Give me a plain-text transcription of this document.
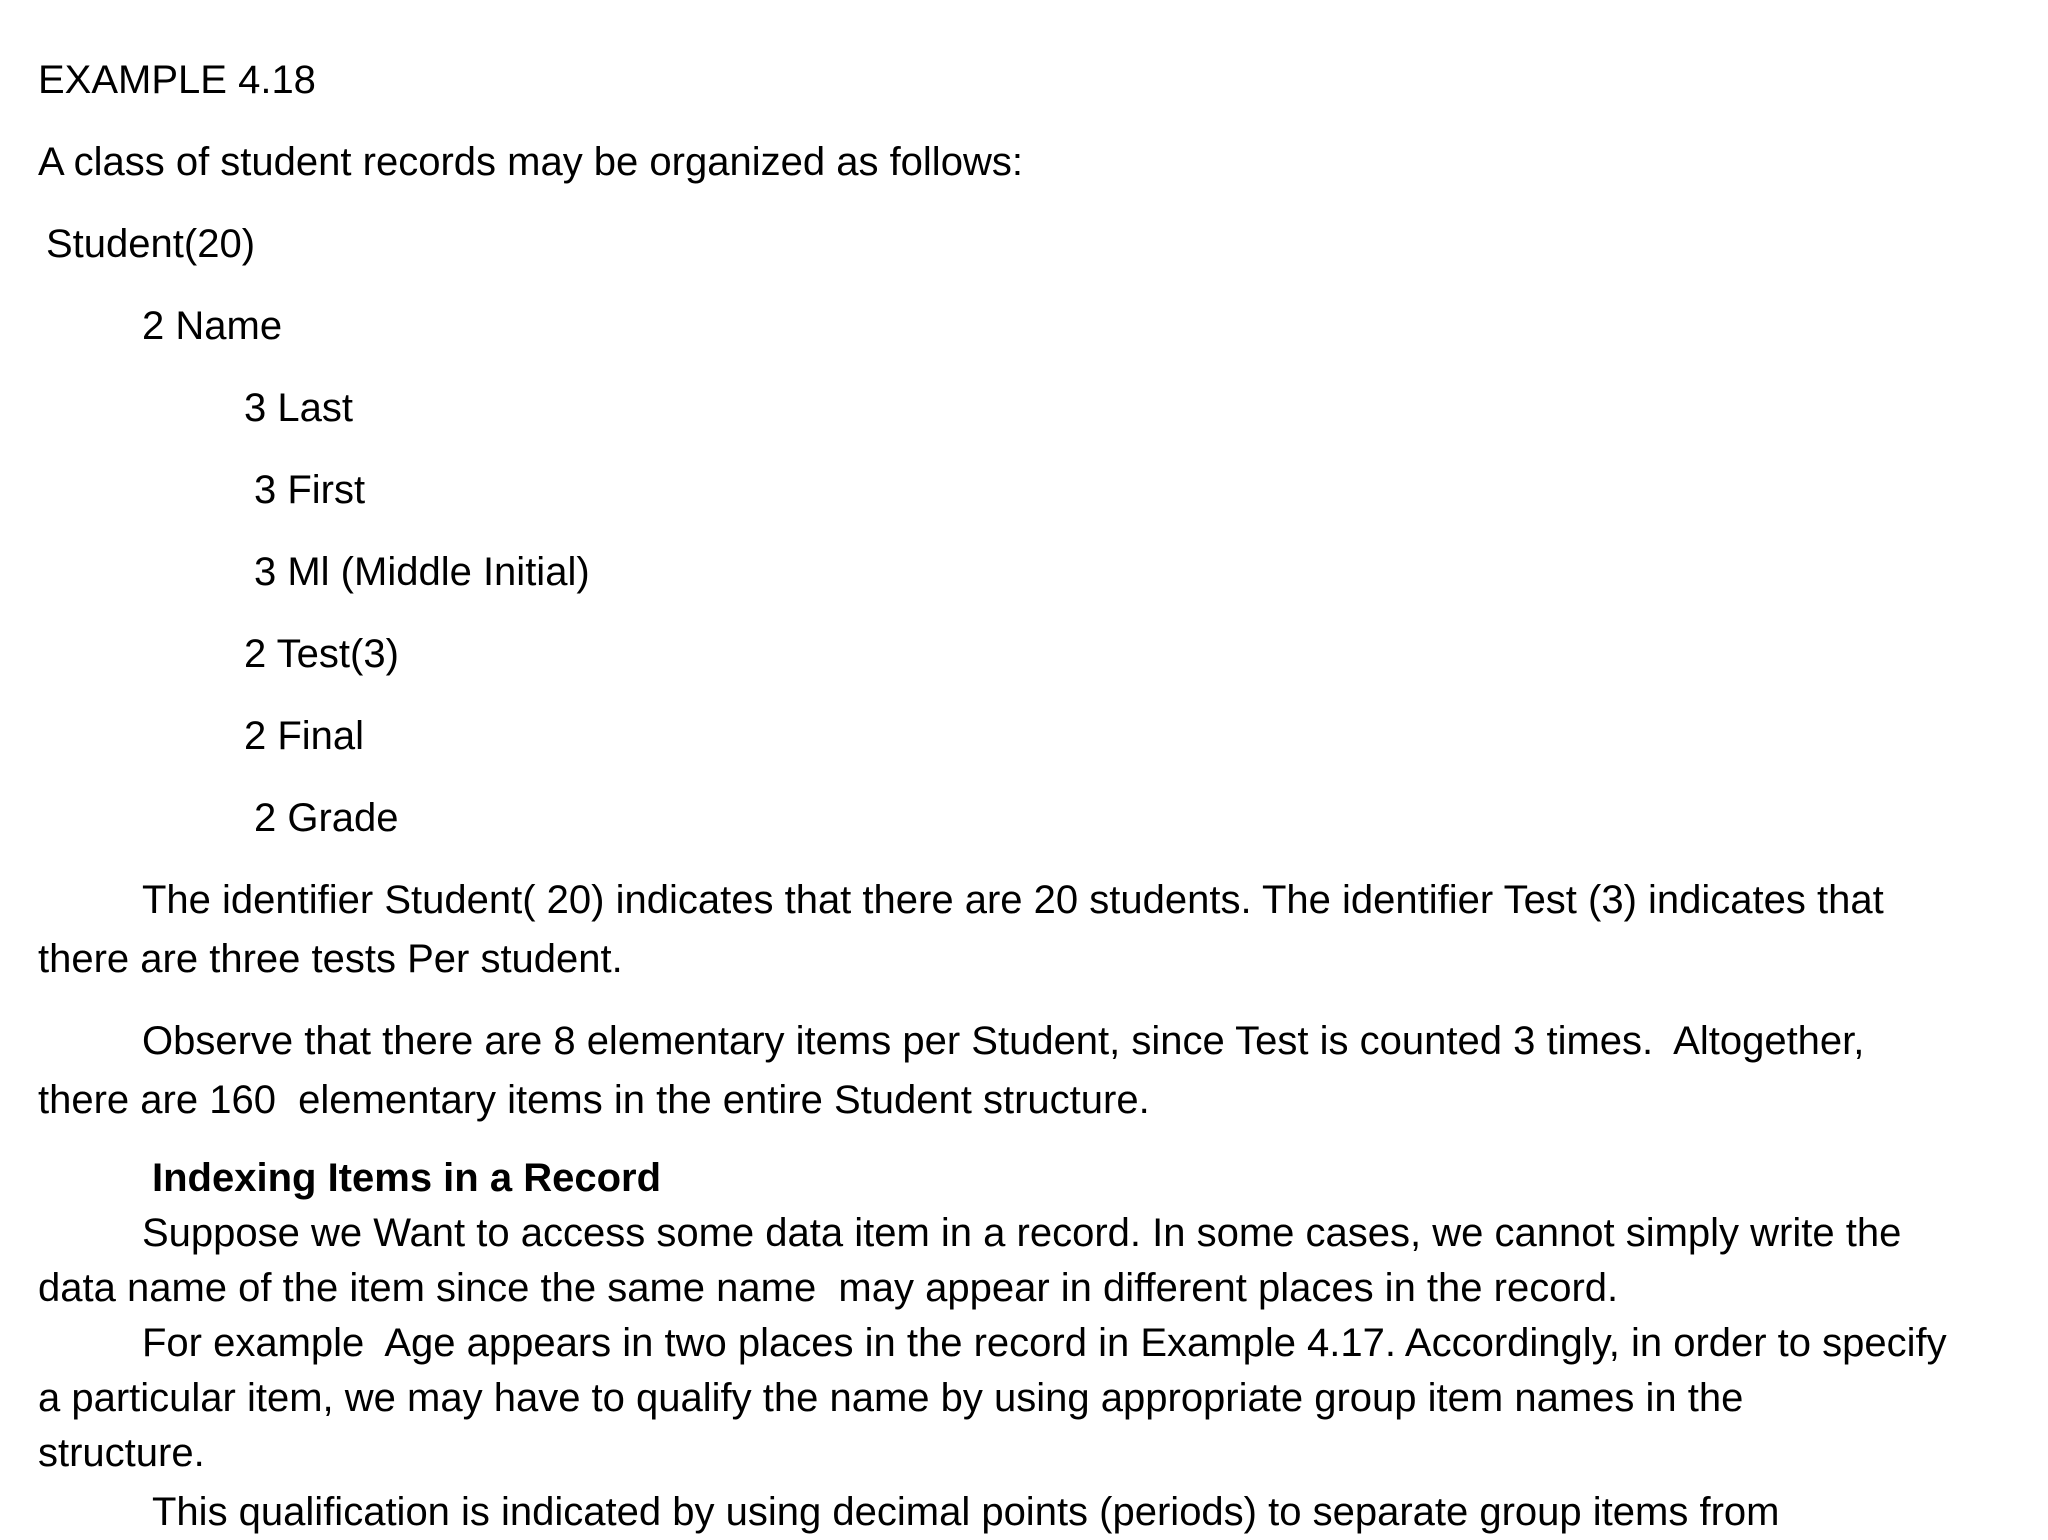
EXAMPLE 4.18

A class of student records may be organized as follows:

Student(20)

2 Name

3 Last

3 First

3 Ml (Middle Initial)

2 Test(3)

2 Final

2 Grade

The identifier Student( 20) indicates that there are 20 students. The identifier Test (3) indicates that

there are three tests Per student.

Observe that there are 8 elementary items per Student, since Test is counted 3 times.  Altogether,

there are 160  elementary items in the entire Student structure.

Indexing Items in a Record

Suppose we Want to access some data item in a record. In some cases, we cannot simply write the

data name of the item since the same name  may appear in different places in the record.

For example  Age appears in two places in the record in Example 4.17. Accordingly, in order to specify

a particular item, we may have to qualify the name by using appropriate group item names in the

structure.

This qualification is indicated by using decimal points (periods) to separate group items from
